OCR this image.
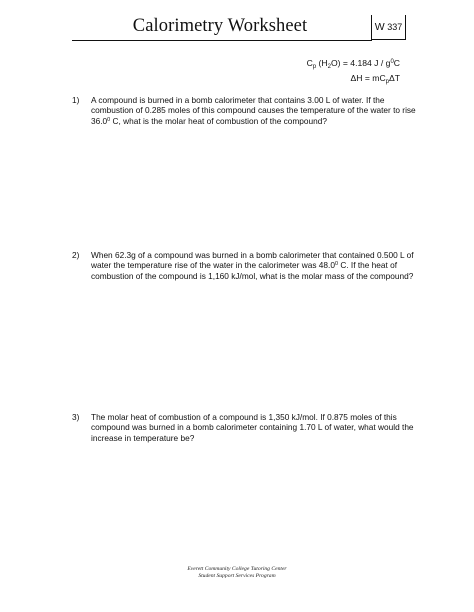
Calorimetry Worksheet	W 337
$C_p$ $(H_2O) = 4.184$ J / $g^0C$
$\Delta H = mC_p\Delta T$
1) A compound is burned in a bomb calorimeter that contains 3.00 L of water. If the combustion of 0.285 moles of this compound causes the temperature of the water to rise 36.0$^0$ C, what is the molar heat of combustion of the compound?
2) When 62.3g of a compound was burned in a bomb calorimeter that contained 0.500 L of water the temperature rise of the water in the calorimeter was 48.0$^0$ C. If the heat of combustion of the compound is 1,160 kJ/mol, what is the molar mass of the compound?
3) The molar heat of combustion of a compound is 1,350 kJ/mol. If 0.875 moles of this compound was burned in a bomb calorimeter containing 1.70 L of water, what would the increase in temperature be?
Everett Community College Tutoring Center
Student Support Services Program
